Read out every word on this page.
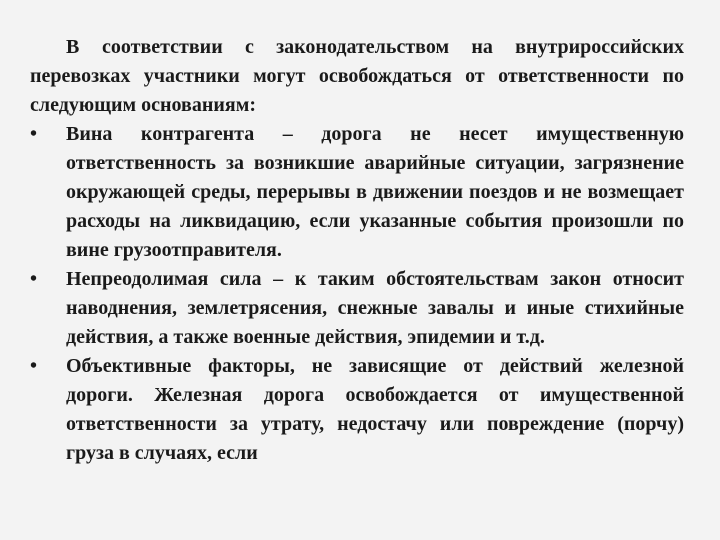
В соответствии с законодательством на внутрироссийских перевозках участники могут освобождаться от ответственности по следующим основаниям:

•	Вина контрагента – дорога не несет имущественную ответственность за возникшие аварийные ситуации, загрязнение окружающей среды, перерывы в движении поездов и не возмещает расходы на ликвидацию, если указанные события произошли по вине грузоотправителя.
•	Непреодолимая сила – к таким обстоятельствам закон относит наводнения, землетрясения, снежные завалы и иные стихийные действия, а также военные действия, эпидемии и т.д.
•	Объективные факторы, не зависящие от действий железной дороги. Железная дорога освобождается от имущественной ответственности за утрату, недостачу или повреждение (порчу) груза в случаях, если
